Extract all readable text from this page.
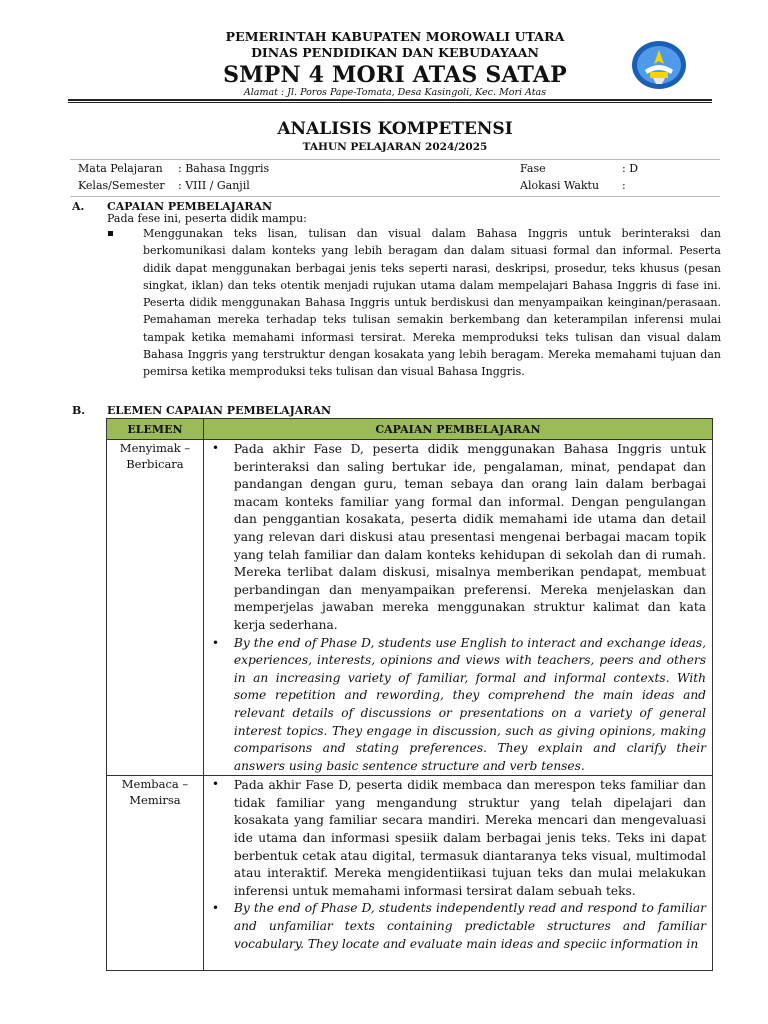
PEMERINTAH KABUPATEN MOROWALI UTARA
DINAS PENDIDIKAN DAN KEBUDAYAAN
SMPN 4 MORI ATAS SATAP
Alamat : Jl. Poros Pape-Tomata, Desa Kasingoli, Kec. Mori Atas
ANALISIS KOMPETENSI
TAHUN PELAJARAN 2024/2025
Mata Pelajaran : Bahasa Inggris
Kelas/Semester : VIII / Ganjil
Fase	: D
Alokasi Waktu :
A. CAPAIAN PEMBELAJARAN
Pada fese ini, peserta didik mampu:

Menggunakan teks lisan, tulisan dan visual dalam Bahasa Inggris untuk berinteraksi dan berkomunikasi dalam konteks yang lebih beragam dan dalam situasi formal dan informal. Peserta didik dapat menggunakan berbagai jenis teks seperti narasi, deskripsi, prosedur, teks khusus (pesan singkat, iklan) dan teks otentik menjadi rujukan utama dalam mempelajari Bahasa Inggris di fase ini. Peserta didik menggunakan Bahasa Inggris untuk berdiskusi dan menyampaikan keinginan/perasaan. Pemahaman mereka terhadap teks tulisan semakin berkembang dan keterampilan inferensi mulai tampak ketika memahami informasi tersirat. Mereka memproduksi teks tulisan dan visual dalam Bahasa Inggris yang terstruktur dengan kosakata yang lebih beragam. Mereka memahami tujuan dan pemirsa ketika memproduksi teks tulisan dan visual Bahasa Inggris.

B. ELEMEN CAPAIAN PEMBELAJARAN
ELEMEN	CAPAIAN PEMBELAJARAN
Menyimak – Berbicara	• Pada akhir Fase D, peserta didik menggunakan Bahasa Inggris untuk berinteraksi dan saling bertukar ide, pengalaman, minat, pendapat dan pandangan dengan guru, teman sebaya dan orang lain dalam berbagai macam konteks familiar yang formal dan informal. Dengan pengulangan dan penggantian kosakata, peserta didik memahami ide utama dan detail yang relevan dari diskusi atau presentasi mengenai berbagai macam topik yang telah familiar dan dalam konteks kehidupan di sekolah dan di rumah. Mereka terlibat dalam diskusi, misalnya memberikan pendapat, membuat perbandingan dan menyampaikan preferensi. Mereka menjelaskan dan memperjelas jawaban mereka menggunakan struktur kalimat dan kata kerja sederhana.

• By the end of Phase D, students use English to interact and exchange ideas, experiences, interests, opinions and views with teachers, peers and others in an increasing variety of familiar, formal and informal contexts. With some repetition and rewording, they comprehend the main ideas and relevant details of discussions or presentations on a variety of general interest topics. They engage in discussion, such as giving opinions, making comparisons and stating preferences. They explain and clarify their answers using basic sentence structure and verb tenses.

Membaca – Memirsa	• Pada akhir Fase D, peserta didik membaca dan merespon teks familiar dan tidak familiar yang mengandung struktur yang telah dipelajari dan kosakata yang familiar secara mandiri. Mereka mencari dan mengevaluasi ide utama dan informasi spesiik dalam berbagai jenis teks. Teks ini dapat berbentuk cetak atau digital, termasuk diantaranya teks visual, multimodal atau interaktif. Mereka mengidentiikasi tujuan teks dan mulai melakukan inferensi untuk memahami informasi tersirat dalam sebuah teks.

• By the end of Phase D, students independently read and respond to familiar and unfamiliar texts containing predictable structures and familiar vocabulary. They locate and evaluate main ideas and speciic information in
